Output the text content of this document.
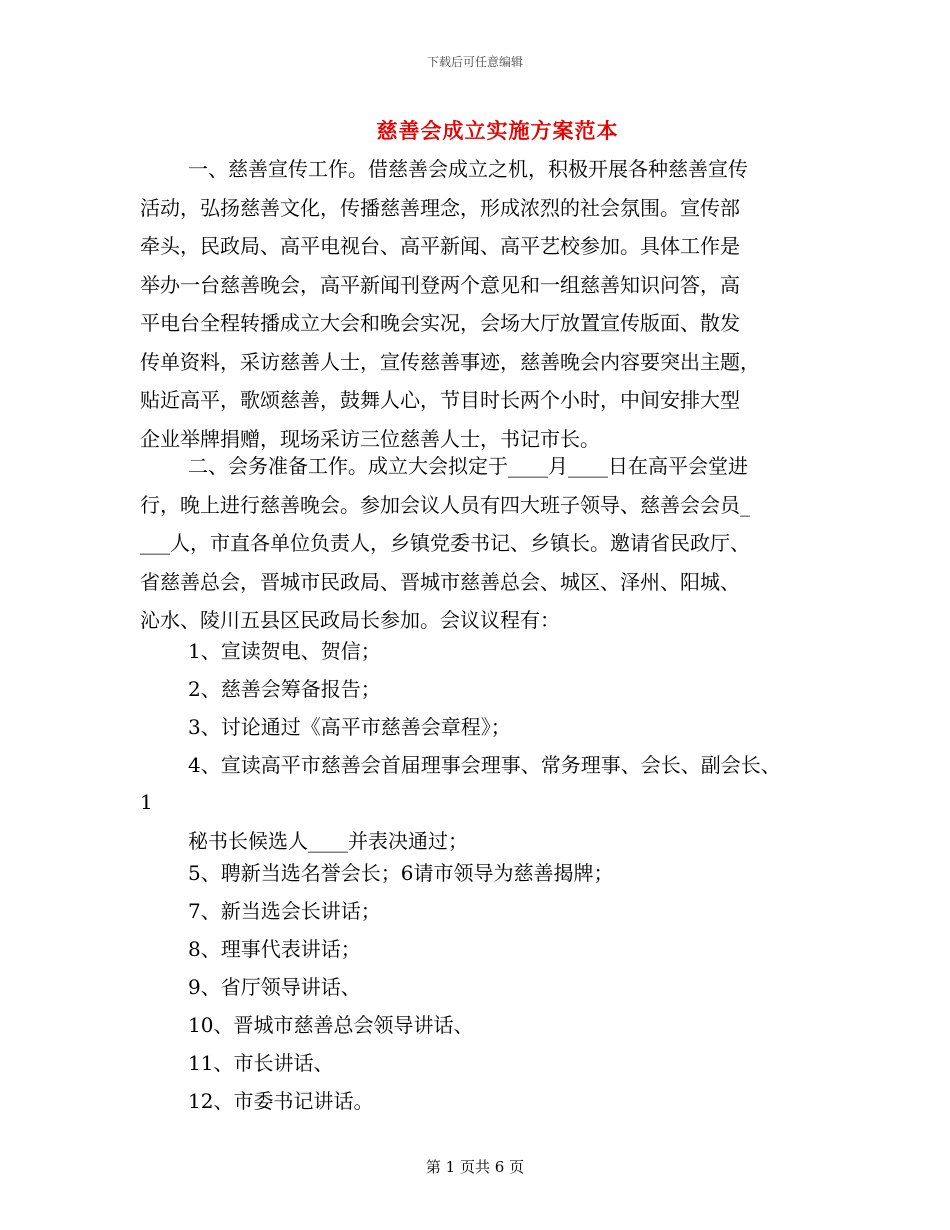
下载后可任意编辑
慈善会成立实施方案范本
一、慈善宣传工作。借慈善会成立之机，积极开展各种慈善宣传
活动，弘扬慈善文化，传播慈善理念，形成浓烈的社会氛围。宣传部
牵头，民政局、高平电视台、高平新闻、高平艺校参加。具体工作是
举办一台慈善晚会，高平新闻刊登两个意见和一组慈善知识问答，高
平电台全程转播成立大会和晚会实况，会场大厅放置宣传版面、散发
传单资料，采访慈善人士，宣传慈善事迹，慈善晚会内容要突出主题，
贴近高平，歌颂慈善，鼓舞人心，节目时长两个小时，中间安排大型
企业举牌捐赠，现场采访三位慈善人士，书记市长。
二、会务准备工作。成立大会拟定于____月____日在高平会堂进
行，晚上进行慈善晚会。参加会议人员有四大班子领导、慈善会会员_
___人，市直各单位负责人，乡镇党委书记、乡镇长。邀请省民政厅、
省慈善总会，晋城市民政局、晋城市慈善总会、城区、泽州、阳城、
沁水、陵川五县区民政局长参加。会议议程有：
1、宣读贺电、贺信；
2、慈善会筹备报告；
3、讨论通过《高平市慈善会章程》；
4、宣读高平市慈善会首届理事会理事、常务理事、会长、副会长、
1
秘书长候选人____并表决通过；
5、聘新当选名誉会长；6请市领导为慈善揭牌；
7、新当选会长讲话；
8、理事代表讲话；
9、省厅领导讲话、
10、晋城市慈善总会领导讲话、
11、市长讲话、
12、市委书记讲话。
第 1 页共 6 页
